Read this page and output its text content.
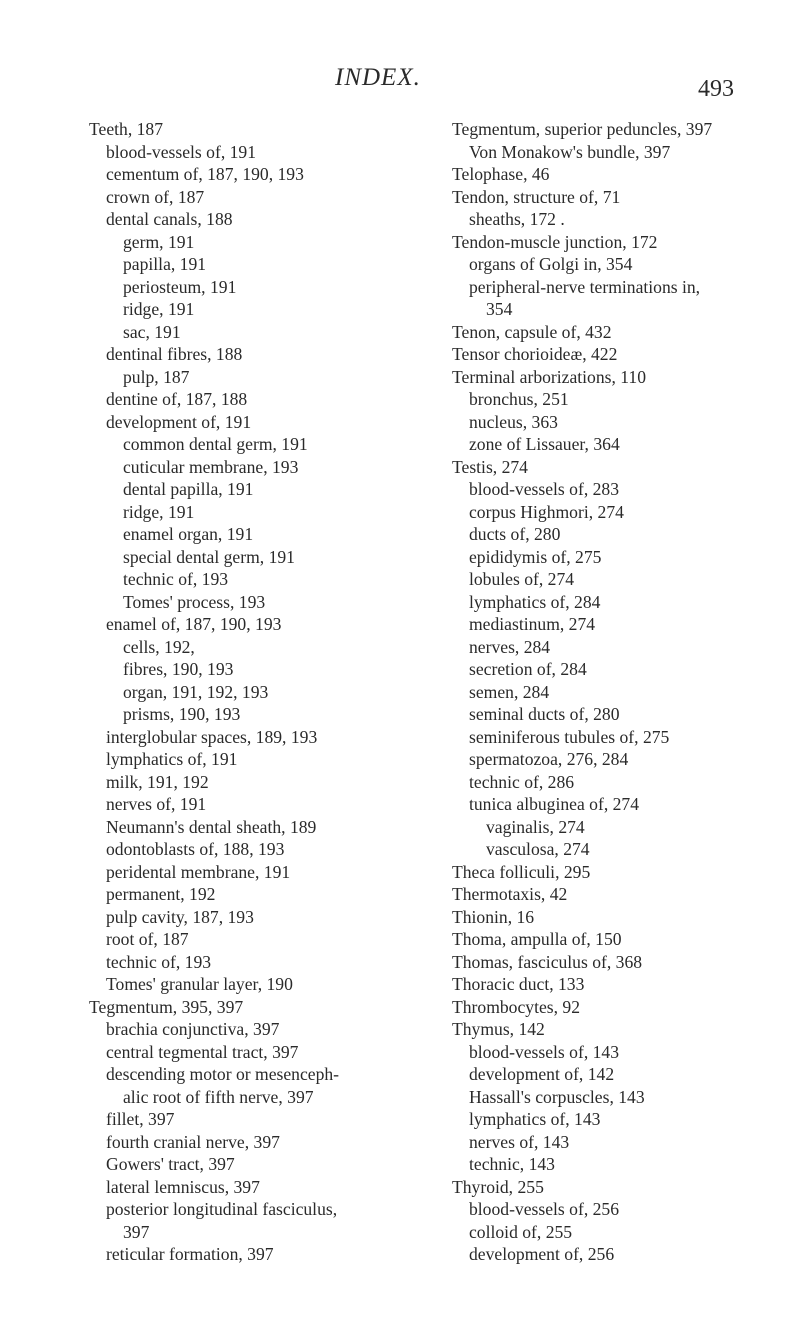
INDEX.	493
Teeth, 187
blood-vessels of, 191
cementum of, 187, 190, 193
crown of, 187
dental canals, 188
germ, 191
papilla, 191
periosteum, 191
ridge, 191
sac, 191
dentinal fibres, 188
pulp, 187
dentine of, 187, 188
development of, 191
common dental germ, 191
cuticular membrane, 193
dental papilla, 191
ridge, 191
enamel organ, 191
special dental germ, 191
technic of, 193
Tomes' process, 193
enamel of, 187, 190, 193
cells, 192,
fibres, 190, 193
organ, 191, 192, 193
prisms, 190, 193
interglobular spaces, 189, 193
lymphatics of, 191
milk, 191, 192
nerves of, 191
Neumann's dental sheath, 189
odontoblasts of, 188, 193
peridental membrane, 191
permanent, 192
pulp cavity, 187, 193
root of, 187
technic of, 193
Tomes' granular layer, 190
Tegmentum, 395, 397
brachia conjunctiva, 397
central tegmental tract, 397
descending motor or mesenceph-
alic root of fifth nerve, 397
fillet, 397
fourth cranial nerve, 397
Gowers' tract, 397
lateral lemniscus, 397
posterior longitudinal fasciculus,
397
reticular formation, 397
Tegmentum, superior peduncles, 397
Von Monakow's bundle, 397
Telophase, 46
Tendon, structure of, 71
sheaths, 172 .
Tendon-muscle junction, 172
organs of Golgi in, 354
peripheral-nerve terminations in,
354
Tenon, capsule of, 432
Tensor chorioideæ, 422
Terminal arborizations, 110
bronchus, 251
nucleus, 363
zone of Lissauer, 364
Testis, 274
blood-vessels of, 283
corpus Highmori, 274
ducts of, 280
epididymis of, 275
lobules of, 274
lymphatics of, 284
mediastinum, 274
nerves, 284
secretion of, 284
semen, 284
seminal ducts of, 280
seminiferous tubules of, 275
spermatozoa, 276, 284
technic of, 286
tunica albuginea of, 274
vaginalis, 274
vasculosa, 274
Theca folliculi, 295
Thermotaxis, 42
Thionin, 16
Thoma, ampulla of, 150
Thomas, fasciculus of, 368
Thoracic duct, 133
Thrombocytes, 92
Thymus, 142
blood-vessels of, 143
development of, 142
Hassall's corpuscles, 143
lymphatics of, 143
nerves of, 143
technic, 143
Thyroid, 255
blood-vessels of, 256
colloid of, 255
development of, 256
